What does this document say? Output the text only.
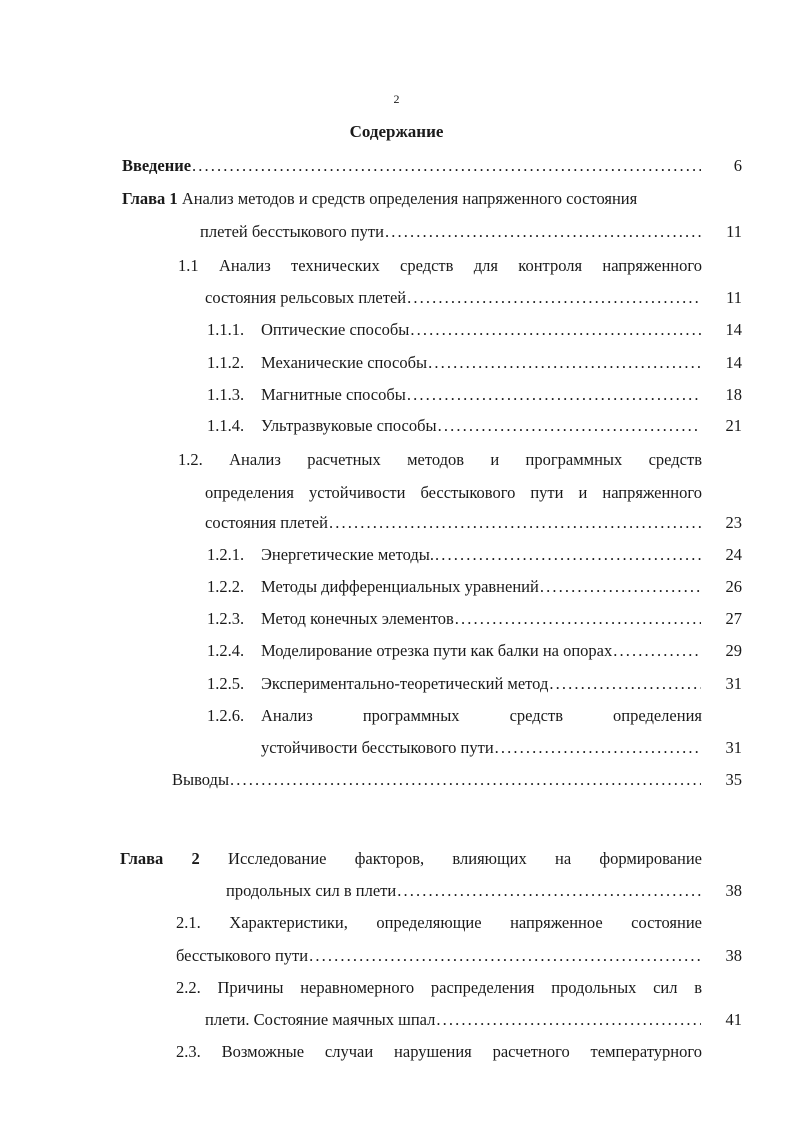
2
Содержание
Введение . . .	6
Глава 1 Анализ методов и средств определения напряженного состояния
плетей бесстыкового пути . . .	11
1.1 Анализ технических средств для контроля напряженного
состояния рельсовых плетей . . .	11
1.1.1.	Оптические способы . . .	14
1.1.2.	Механические способы . . .	14
1.1.3.	Магнитные способы . . .	18
1.1.4.	Ультразвуковые способы . . .	21
1.2. Анализ расчетных методов и программных средств
определения устойчивости бесстыкового пути и напряженного
состояния плетей . . .	23
1.2.1.	Энергетические методы. . . .	24
1.2.2.	Методы дифференциальных уравнений . . .	26
1.2.3.	Метод конечных элементов . . .	27
1.2.4.	Моделирование отрезка пути как балки на опорах . . .	29
1.2.5.	Экспериментально-теоретический метод . . .	31
1.2.6.	Анализ программных средств определения
устойчивости бесстыкового пути . . .	31
Выводы . . .	35
Глава 2 Исследование факторов, влияющих на формирование
продольных сил в плети . . .	38
2.1. Характеристики, определяющие напряженное состояние
бесстыкового пути . . .	38
2.2. Причины неравномерного распределения продольных сил в
плети. Состояние маячных шпал . . .	41
2.3. Возможные случаи нарушения расчетного температурного
